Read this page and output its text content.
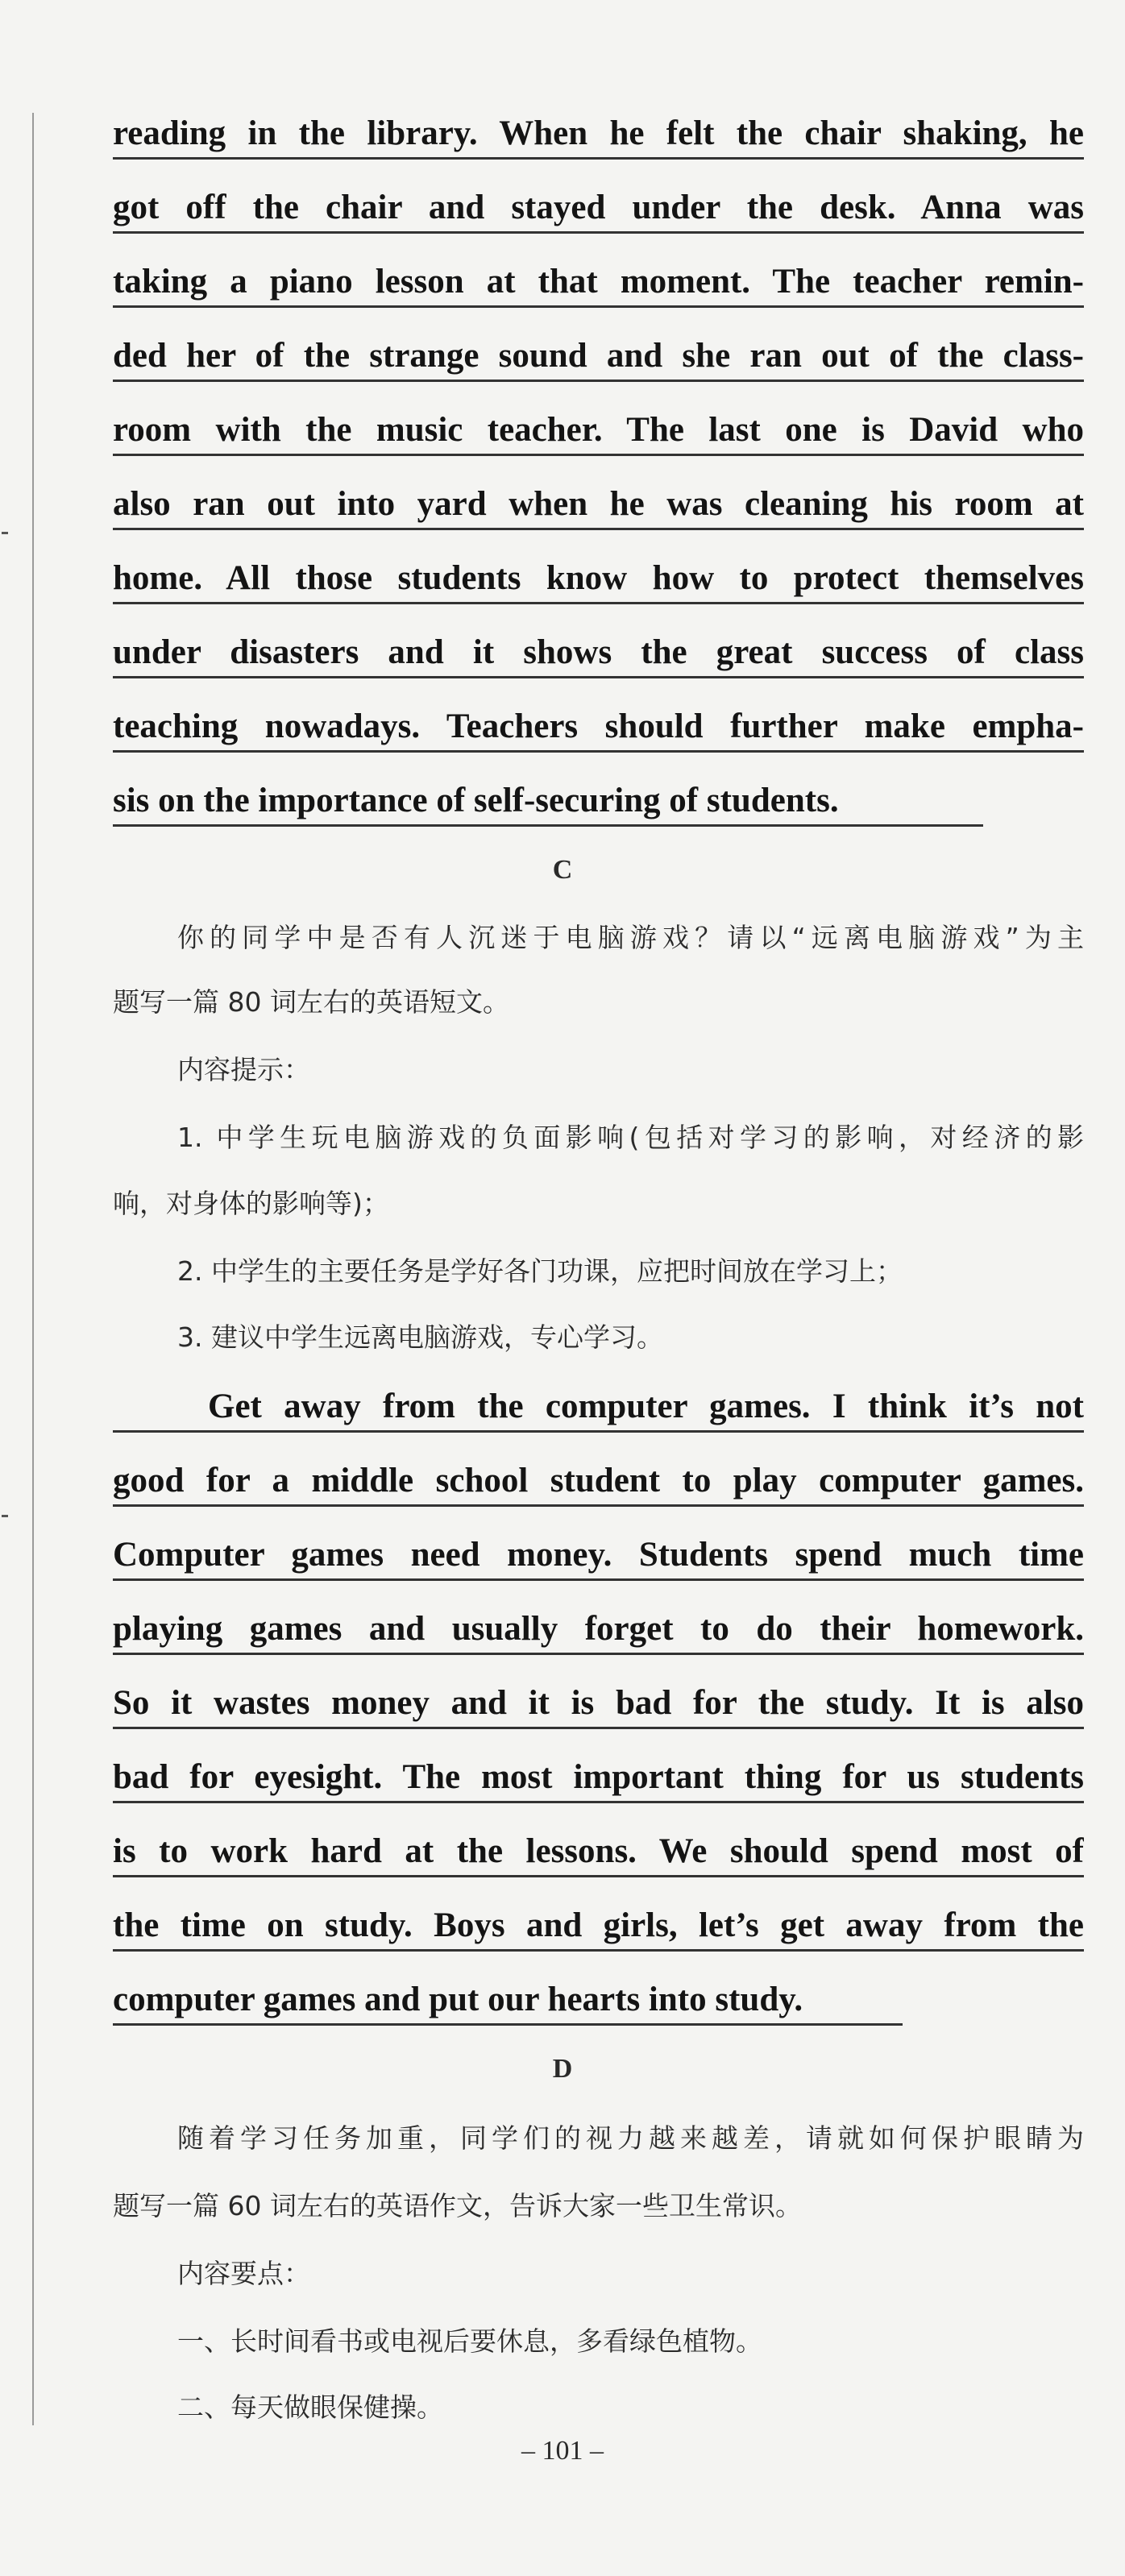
reading in the library. When he felt the chair shaking, he
got off the chair and stayed under the desk. Anna was
taking a piano lesson at that moment. The teacher remin-
ded her of the strange sound and she ran out of the class-
room with the music teacher. The last one is David who
also ran out into yard when he was cleaning his room at
home. All those students know how to protect themselves
under disasters and it shows the great success of class
teaching nowadays. Teachers should further make empha-
sis on the importance of self-securing of students.
C
你的同学中是否有人沉迷于电脑游戏？请以“远离电脑游戏”为主
题写一篇 80 词左右的英语短文。
内容提示：
1. 中学生玩电脑游戏的负面影响(包括对学习的影响，对经济的影
响，对身体的影响等)；
2. 中学生的主要任务是学好各门功课，应把时间放在学习上；
3. 建议中学生远离电脑游戏，专心学习。
Get away from the computer games. I think it’s not
good for a middle school student to play computer games.
Computer games need money. Students spend much time
playing games and usually forget to do their homework.
So it wastes money and it is bad for the study. It is also
bad for eyesight. The most important thing for us students
is to work hard at the lessons. We should spend most of
the time on study. Boys and girls, let’s get away from the
computer games and put our hearts into study.
D
随着学习任务加重，同学们的视力越来越差，请就如何保护眼睛为
题写一篇 60 词左右的英语作文，告诉大家一些卫生常识。
内容要点：
一、长时间看书或电视后要休息，多看绿色植物。
二、每天做眼保健操。
– 101 –
